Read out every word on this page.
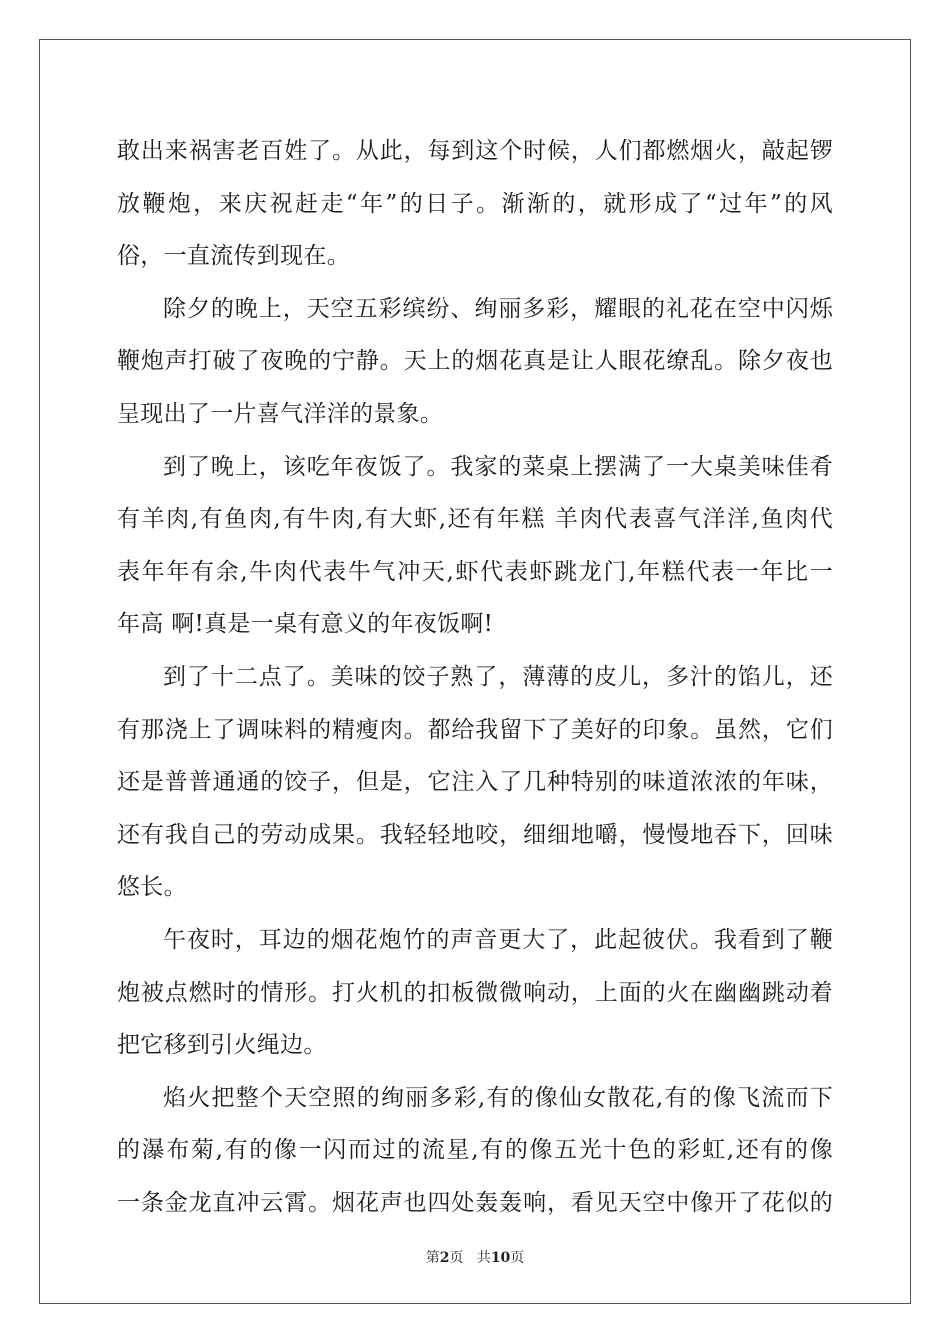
敢出来祸害老百姓了。从此，每到这个时候，人们都燃烟火，敲起锣
放鞭炮，来庆祝赶走“年”的日子。渐渐的，就形成了“过年”的风
俗，一直流传到现在。
除夕的晚上，天空五彩缤纷、绚丽多彩，耀眼的礼花在空中闪烁
鞭炮声打破了夜晚的宁静。天上的烟花真是让人眼花缭乱。除夕夜也
呈现出了一片喜气洋洋的景象。
到了晚上，该吃年夜饭了。我家的菜桌上摆满了一大桌美味佳肴
有羊肉,有鱼肉,有牛肉,有大虾,还有年糕 羊肉代表喜气洋洋,鱼肉代
表年年有余,牛肉代表牛气冲天,虾代表虾跳龙门,年糕代表一年比一
年高 啊!真是一桌有意义的年夜饭啊!
到了十二点了。美味的饺子熟了，薄薄的皮儿，多汁的馅儿，还
有那浇上了调味料的精瘦肉。都给我留下了美好的印象。虽然，它们
还是普普通通的饺子，但是，它注入了几种特别的味道浓浓的年味，
还有我自己的劳动成果。我轻轻地咬，细细地嚼，慢慢地吞下，回味
悠长。
午夜时，耳边的烟花炮竹的声音更大了，此起彼伏。我看到了鞭
炮被点燃时的情形。打火机的扣板微微响动，上面的火在幽幽跳动着
把它移到引火绳边。
焰火把整个天空照的绚丽多彩,有的像仙女散花,有的像飞流而下
的瀑布菊,有的像一闪而过的流星,有的像五光十色的彩虹,还有的像
一条金龙直冲云霄。烟花声也四处轰轰响，看见天空中像开了花似的
第2页 共10页
